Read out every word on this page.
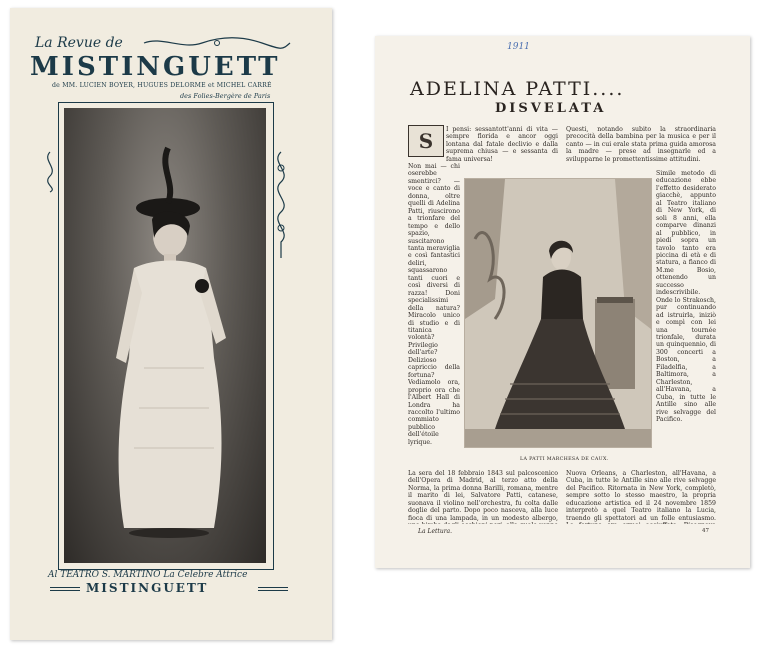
La Revue de
MISTINGUETT
de MM. LUCIEN BOYER, HUGUES DELORME et MICHEL CARRÉ
des Folies-Bergère de Paris
Al TEATRO S. MARTINO La Celebre Attrice
MISTINGUETT
1911
ADELINA PATTI....
DISVELATA
S	I pensi: sessantott'anni di vita — sempre florida e ancor oggi lontana dal fatale declivio e dalla suprema chiusa — e sessanta di fama universa!
Non mai — chi oserebbe smentirci? — voce e canto di donna, oltre quelli di Adelina Patti, riuscirono a trionfare del tempo e dello spazio, suscitarono tanta meraviglia e così fantastici deliri, squassarono tanti cuori e così diversi di razza! Doni specialissimi della natura? Miracolo unico di studio e di titanica volontà? Privilegio dell'arte? Delizioso capriccio della fortuna? Vediamolo ora, proprio ora che l'Albert Hall di Londra ha raccolto l'ultimo commiato pubblico dell'étoile lyrique.
La sera del 18 febbraio 1843 sul palcoscenico dell'Opera di Madrid, al terzo atto della Norma, la prima donna Barilli, romana, mentre il marito di lei, Salvatore Patti, catanese, suonava il violino nell'orchestra, fu colta dalle doglie del parto. Dopo poco nasceva, alla luce fioca di una lampada, in un modesto albergo,
Questi, notando subito la straordinaria precocità della bambina per la musica e per il canto — in cui erale stata prima guida amorosa la madre — prese ad insegnarle ed a svilupparne le promettentissime attitudini.
Simile metodo di educazione ebbe l'effetto desiderato giacchè, appunto al Teatro italiano di New York, di soli 8 anni, ella comparve dinanzi al pubblico, in piedi sopra un tavolo tanto era piccina di età e di statura, a fianco di M.me Bosio, ottenendo un successo indescrivibile. Onde lo Strakosch, pur continuando ad istruirla, iniziò e compì con lei una tournée trionfale, durata un quinquennio, di 300 concerti a Boston, a Filadelfia, a Baltimora, a Charleston, all'Havana, a Cuba, in tutte le Antille sino alle rive selvagge del Pacifico.
Nuova Orleans, a Charleston, all'Havana, a Cuba, in tutte le Antille sino alle rive selvagge del Pacifico. Ritornata in New York, completò, sempre sotto lo stesso maestro, la propria educazione artistica ed il 24 novembre 1859 interpretò a quel Teatro italiano la Lucia, traendo gli spettatori ad un folle entusiasmo.
LA PATTI MARCHESA DE CAUX.
La Lettura.	47
